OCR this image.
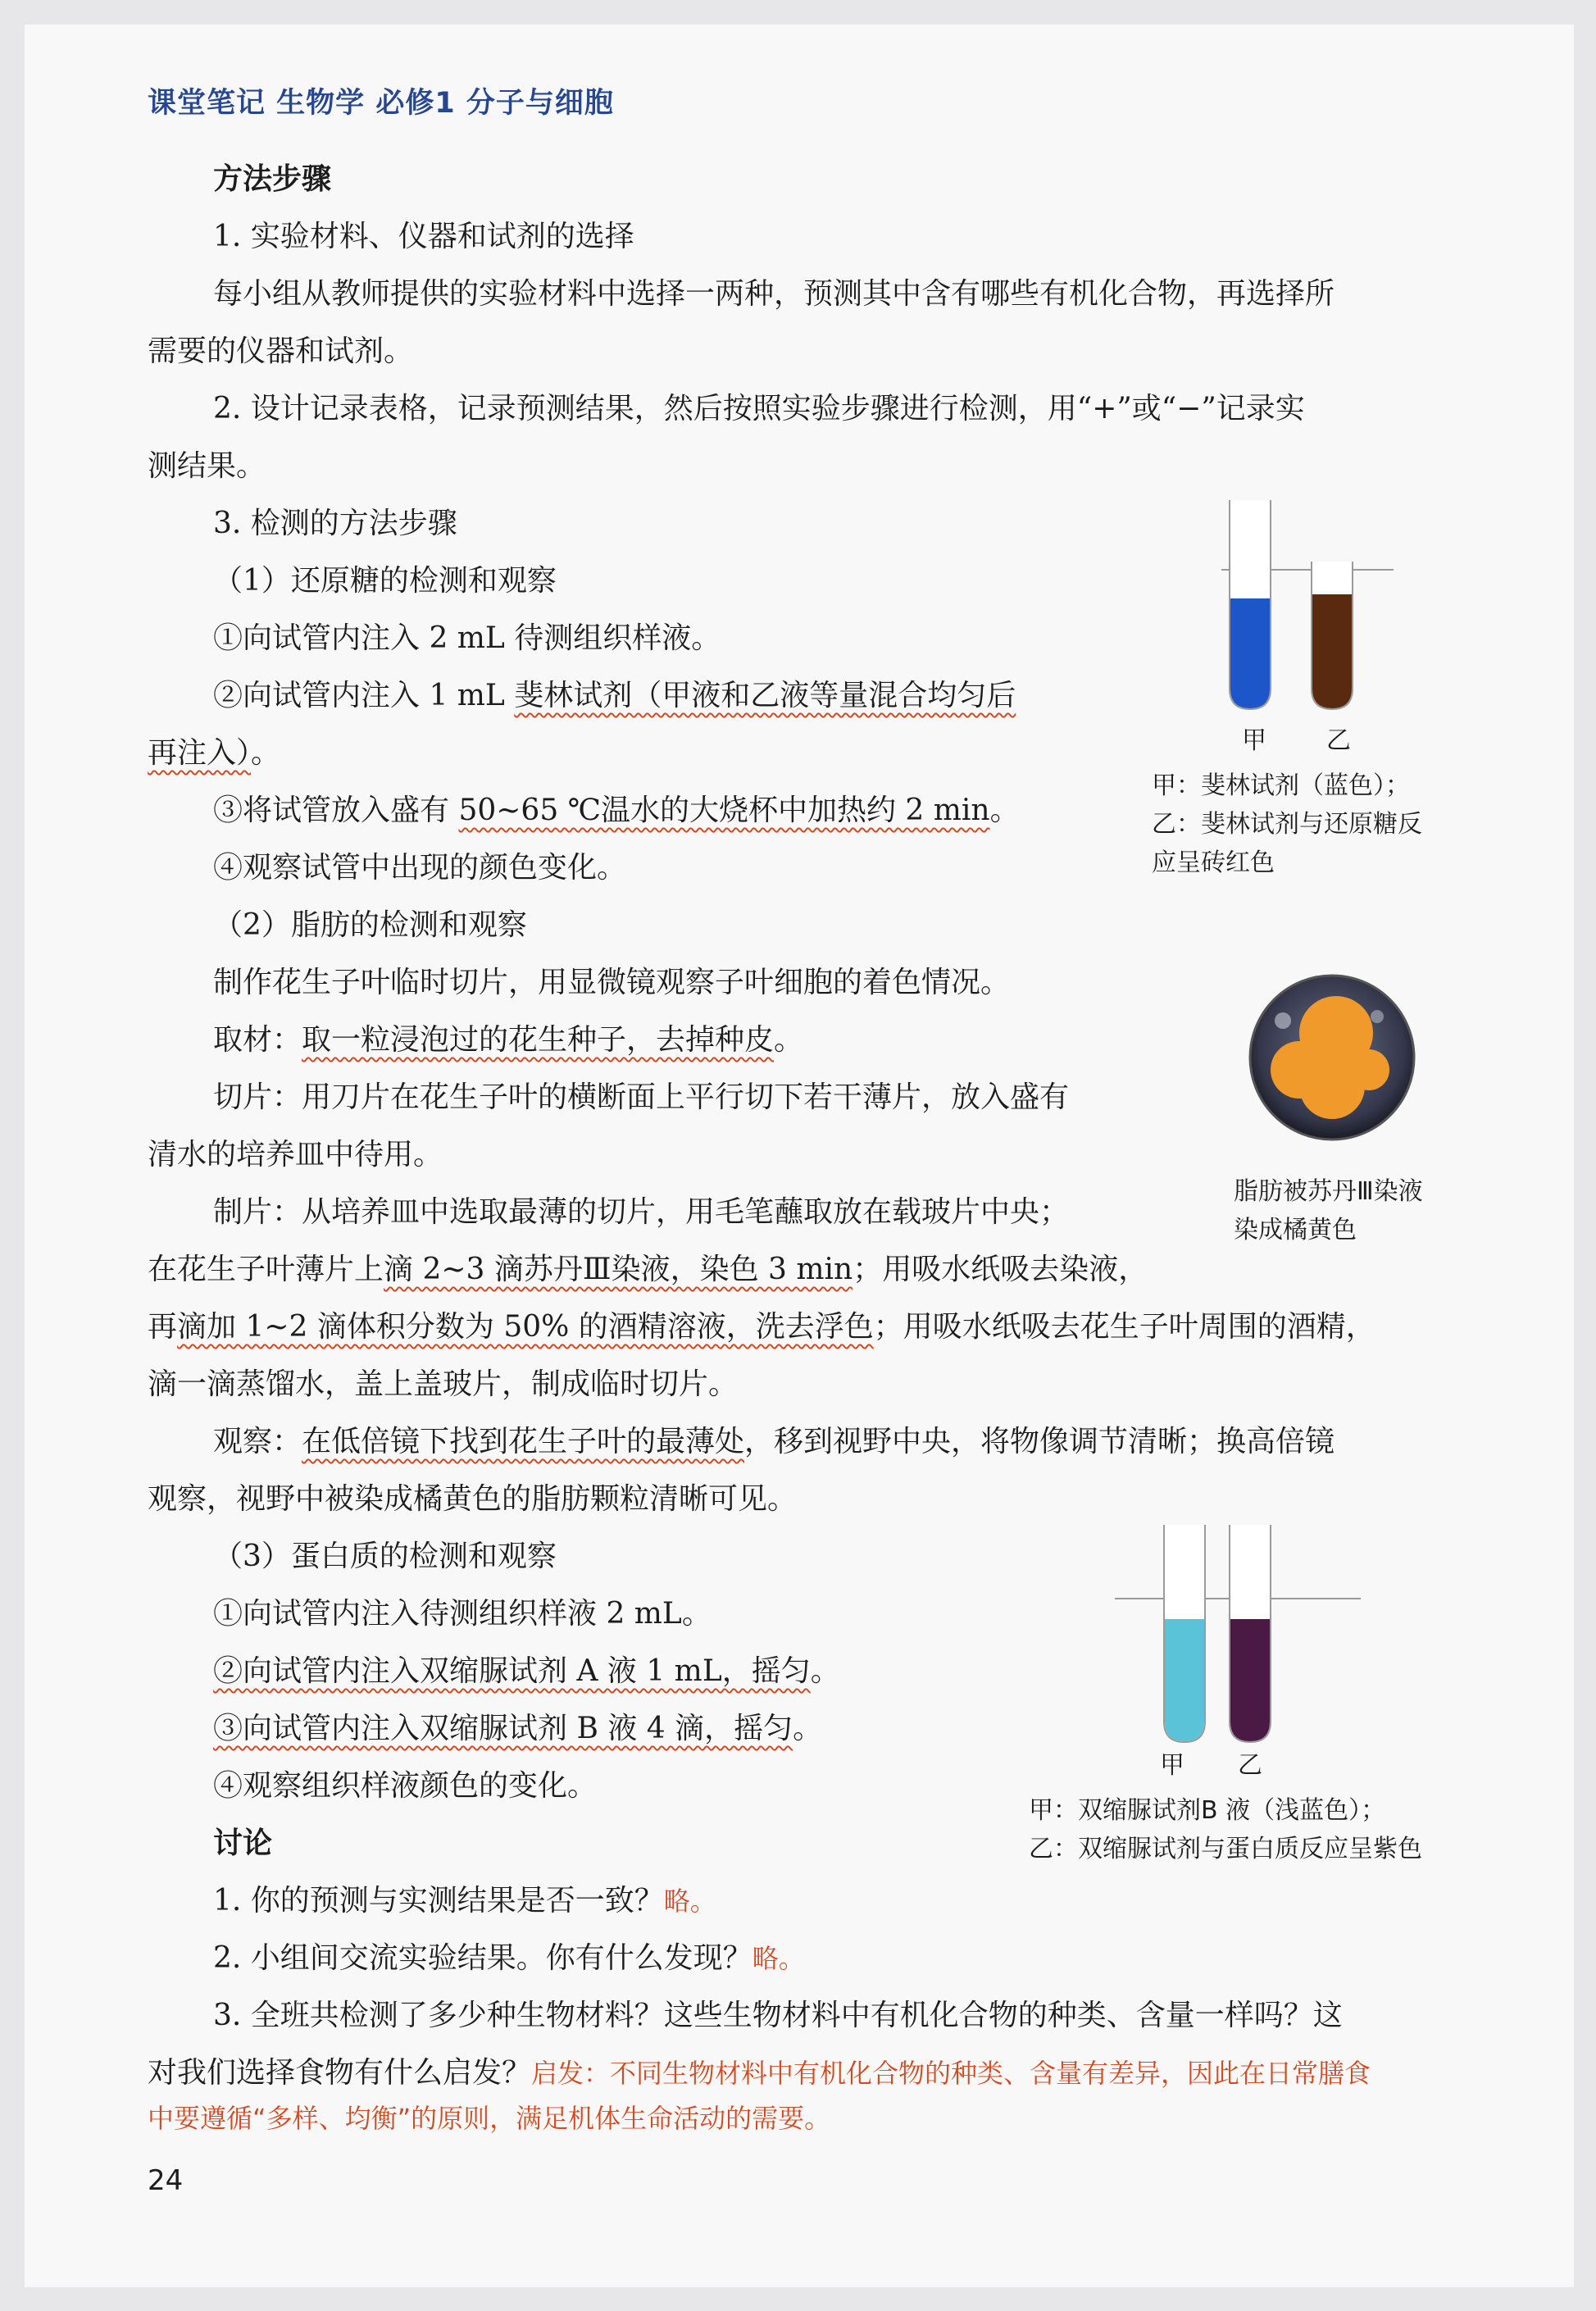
课堂笔记 生物学 必修1 分子与细胞
方法步骤
1. 实验材料、仪器和试剂的选择
每小组从教师提供的实验材料中选择一两种，预测其中含有哪些有机化合物，再选择所
需要的仪器和试剂。
2. 设计记录表格，记录预测结果，然后按照实验步骤进行检测，用“+”或“−”记录实
测结果。
3. 检测的方法步骤
（1）还原糖的检测和观察
①向试管内注入 2 mL 待测组织样液。
②向试管内注入 1 mL 斐林试剂（甲液和乙液等量混合均匀后
再注入）。
③将试管放入盛有 50~65 ℃温水的大烧杯中加热约 2 min。
④观察试管中出现的颜色变化。
（2）脂肪的检测和观察
制作花生子叶临时切片，用显微镜观察子叶细胞的着色情况。
取材：取一粒浸泡过的花生种子，去掉种皮。
切片：用刀片在花生子叶的横断面上平行切下若干薄片，放入盛有
清水的培养皿中待用。
制片：从培养皿中选取最薄的切片，用毛笔蘸取放在载玻片中央；
在花生子叶薄片上滴 2~3 滴苏丹Ⅲ染液，染色 3 min；用吸水纸吸去染液，
再滴加 1~2 滴体积分数为 50% 的酒精溶液，洗去浮色；用吸水纸吸去花生子叶周围的酒精，
滴一滴蒸馏水，盖上盖玻片，制成临时切片。
观察：在低倍镜下找到花生子叶的最薄处，移到视野中央，将物像调节清晰；换高倍镜
观察，视野中被染成橘黄色的脂肪颗粒清晰可见。
（3）蛋白质的检测和观察
①向试管内注入待测组织样液 2 mL。
②向试管内注入双缩脲试剂 A 液 1 mL，摇匀。
③向试管内注入双缩脲试剂 B 液 4 滴，摇匀。
④观察组织样液颜色的变化。
讨论
1. 你的预测与实测结果是否一致？略。
2. 小组间交流实验结果。你有什么发现？略。
3. 全班共检测了多少种生物材料？这些生物材料中有机化合物的种类、含量一样吗？这
对我们选择食物有什么启发？启发：不同生物材料中有机化合物的种类、含量有差异，因此在日常膳食
中要遵循“多样、均衡”的原则，满足机体生命活动的需要。
甲 乙
甲：斐林试剂（蓝色）；
乙：斐林试剂与还原糖反
应呈砖红色
脂肪被苏丹Ⅲ染液
染成橘黄色
甲 乙
甲：双缩脲试剂B 液（浅蓝色）；
乙：双缩脲试剂与蛋白质反应呈紫色
24
